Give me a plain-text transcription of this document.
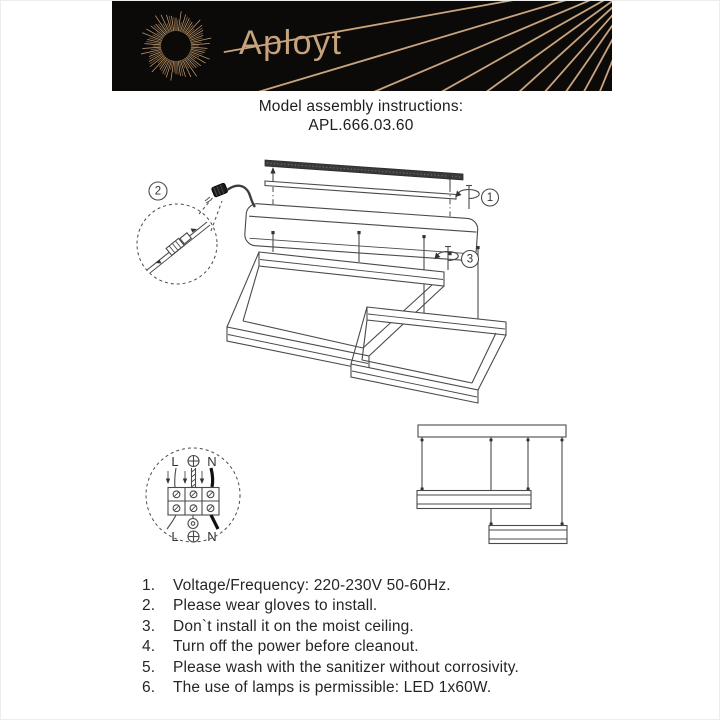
Aployt
Model assembly instructions:
APL.666.03.60
1
3
2
L N
L N
1.	Voltage/Frequency: 220-230V 50-60Hz.
2.	Please wear gloves to install.
3.	Don`t install it on the moist ceiling.
4.	Turn off the power before cleanout.
5.	Please wash with the sanitizer without corrosivity.
6.	The use of lamps is permissible: LED 1x60W.
